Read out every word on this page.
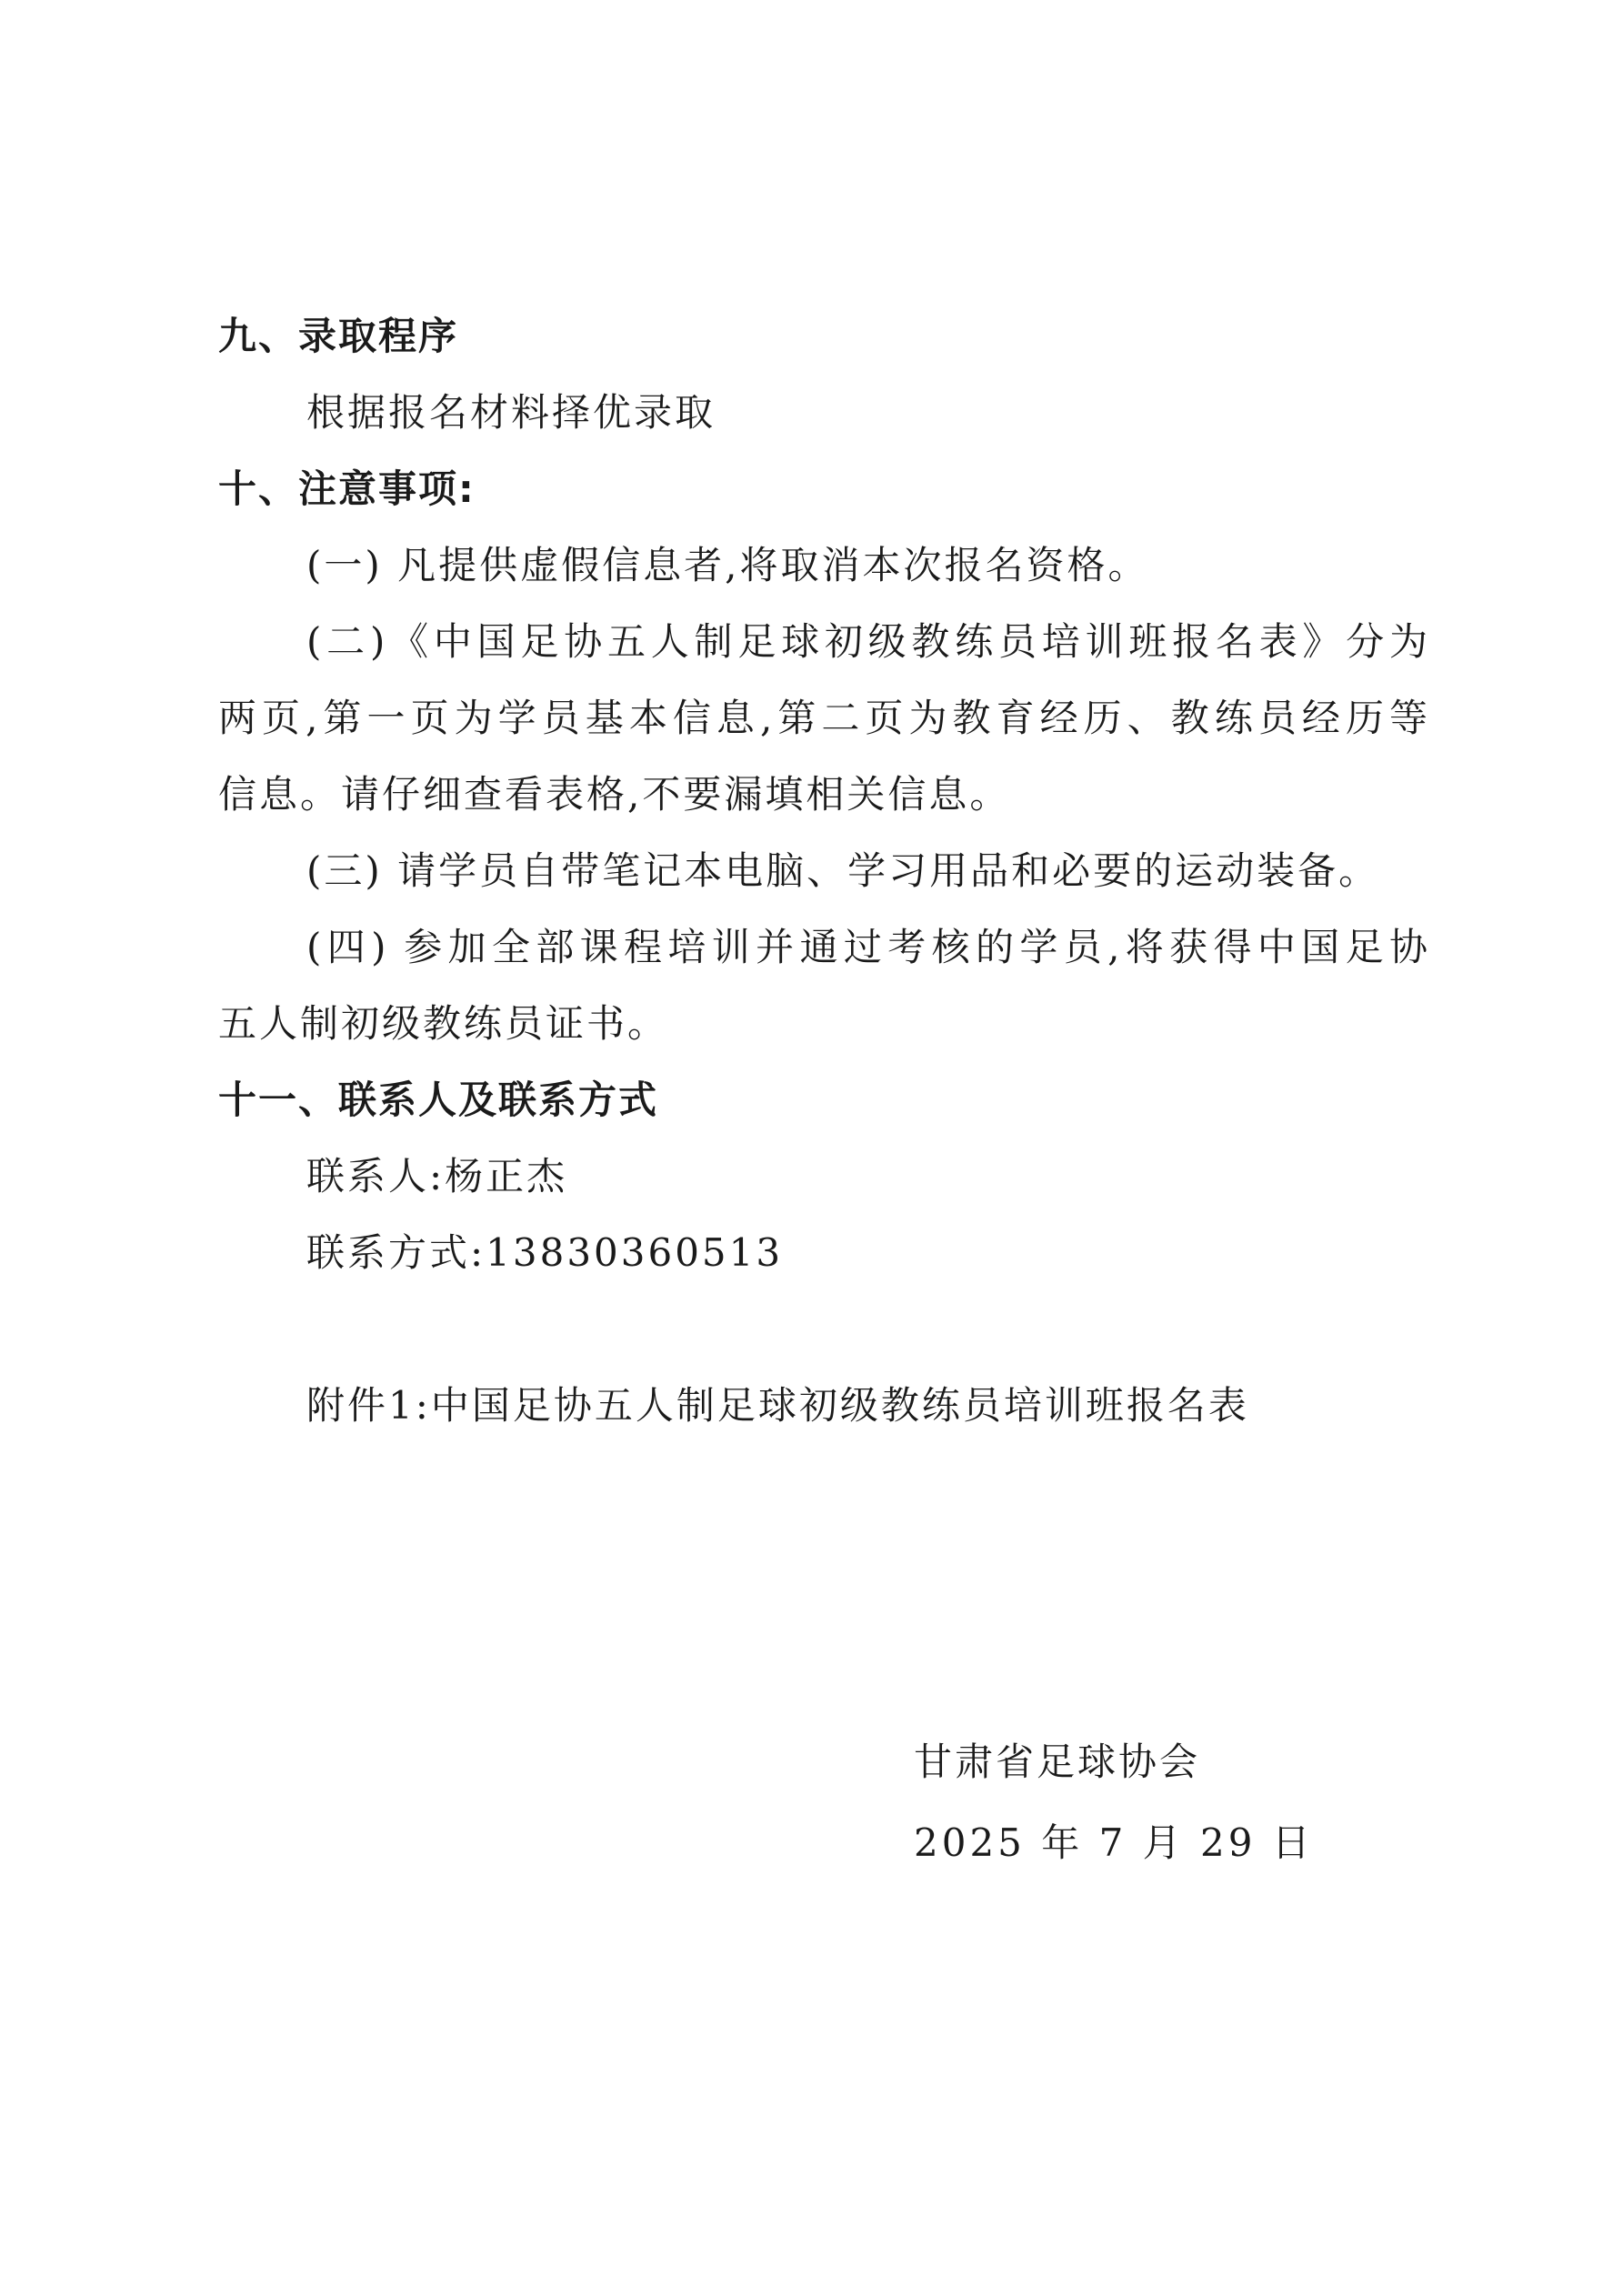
九、录取程序
根据报名材料择优录取
十、注意事项:
(一) 凡提供虚假信息者,将取消本次报名资格。
(二)《中国足协五人制足球初级教练员培训班报名表》分为
两页,第一页为学员基本信息,第二页为教育经历、教练员经历等
信息。请仔细查看表格,不要漏填相关信息。
(三) 请学员自带笔记本电脑、学习用品和必要的运动装备。
(四) 参加全部课程培训并通过考核的学员,将获得中国足协
五人制初级教练员证书。
十一、联系人及联系方式
联系人:杨正杰
联系方式:13830360513
附件1:中国足协五人制足球初级教练员培训班报名表
甘肃省足球协会
2025 年 7 月 29 日
